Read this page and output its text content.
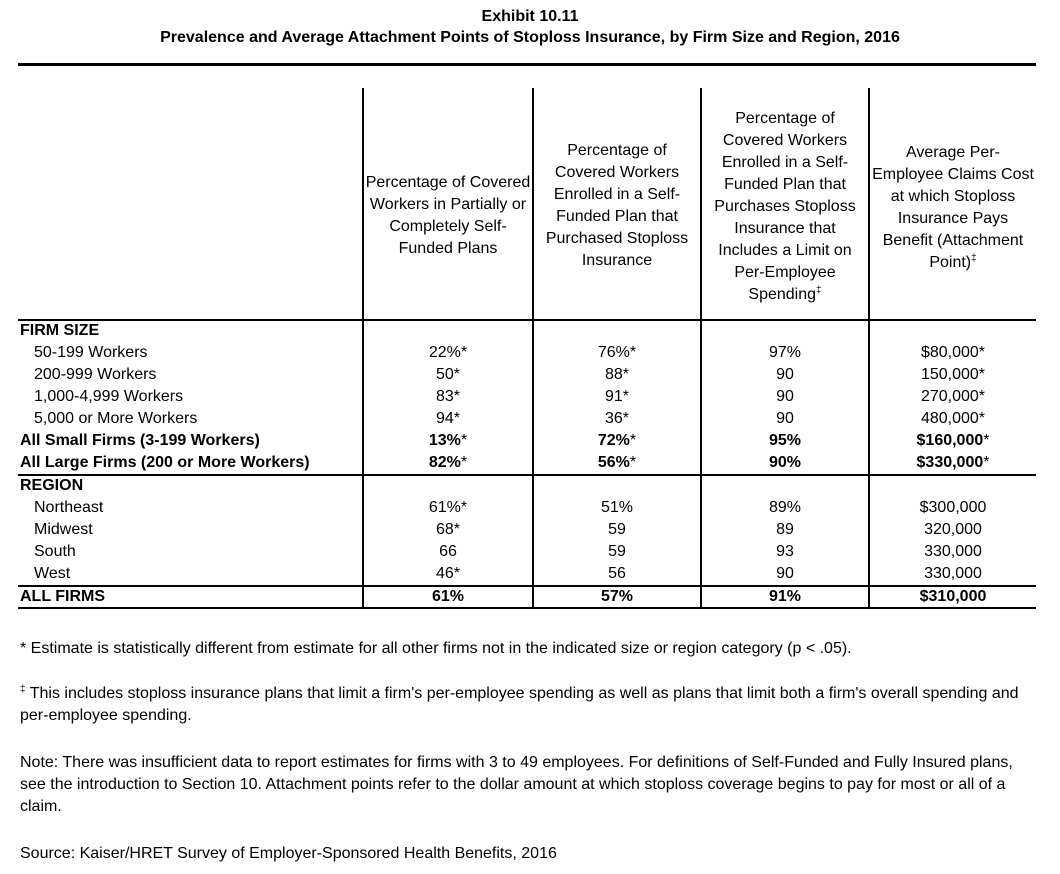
Exhibit 10.11
Prevalence and Average Attachment Points of Stoploss Insurance, by Firm Size and Region, 2016
Percentage of Covered Workers in Partially or Completely Self-Funded Plans
Percentage of Covered Workers Enrolled in a Self-Funded Plan that Purchased Stoploss Insurance
Percentage of Covered Workers Enrolled in a Self-Funded Plan that Purchases Stoploss Insurance that Includes a Limit on Per-Employee Spending‡
Average Per-Employee Claims Cost at which Stoploss Insurance Pays Benefit (Attachment Point)‡
FIRM SIZE
50-199 Workers	22%*	76%*	97%	$80,000*
200-999 Workers	50*	88*	90	150,000*
1,000-4,999 Workers	83*	91*	90	270,000*
5,000 or More Workers	94*	36*	90	480,000*
All Small Firms (3-199 Workers)	13%*	72%*	95%	$160,000*
All Large Firms (200 or More Workers)	82%*	56%*	90%	$330,000*
REGION
Northeast	61%*	51%	89%	$300,000
Midwest	68*	59	89	320,000
South	66	59	93	330,000
West	46*	56	90	330,000
ALL FIRMS	61%	57%	91%	$310,000
* Estimate is statistically different from estimate for all other firms not in the indicated size or region category (p < .05).
‡ This includes stoploss insurance plans that limit a firm's per-employee spending as well as plans that limit both a firm's overall spending and per-employee spending.
Note: There was insufficient data to report estimates for firms with 3 to 49 employees. For definitions of Self-Funded and Fully Insured plans, see the introduction to Section 10. Attachment points refer to the dollar amount at which stoploss coverage begins to pay for most or all of a claim.
Source: Kaiser/HRET Survey of Employer-Sponsored Health Benefits, 2016
